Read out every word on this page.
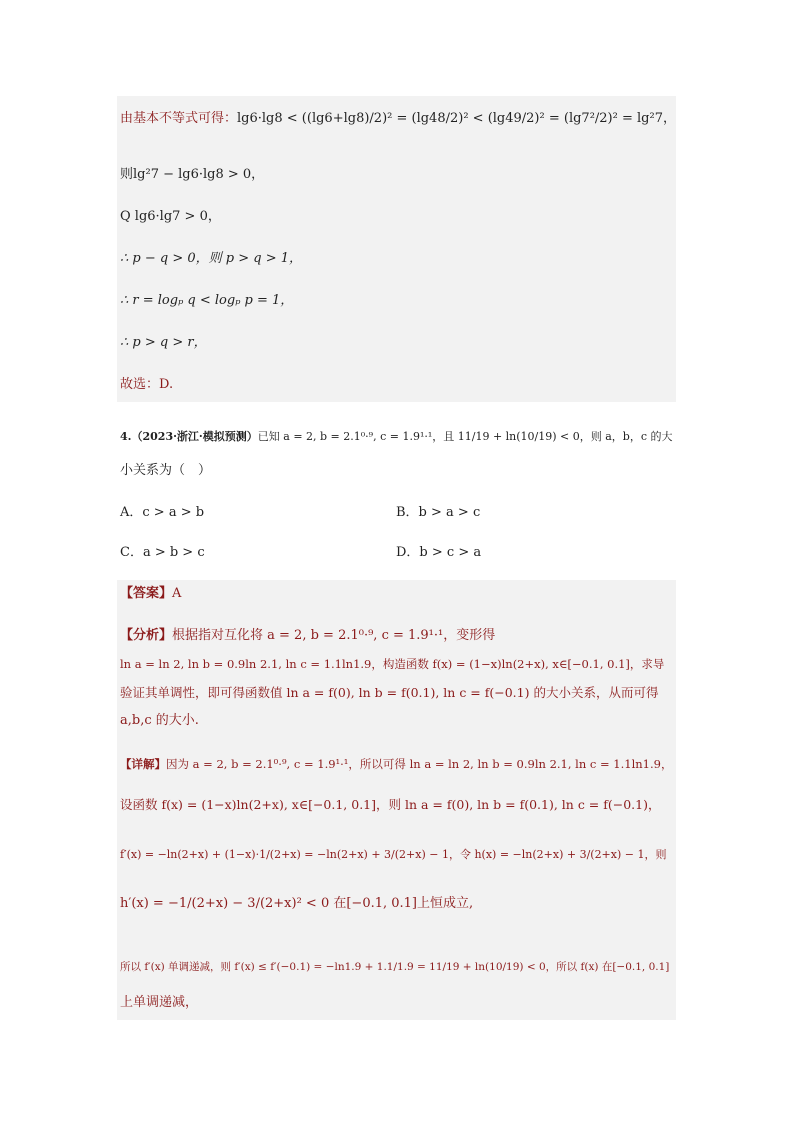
由基本不等式可得：lg6·lg8 < ((lg6+lg8)/2)² = (lg48/2)² < (lg49/2)² = (lg7²/2)² = lg²7，
则lg²7 − lg6·lg8 > 0，
Q lg6·lg7 > 0，
∴ p − q > 0，则 p > q > 1，
∴ r = logₚ q < logₚ p = 1，
∴ p > q > r，
故选：D.
4.（2023·浙江·模拟预测）已知 a = 2, b = 2.1⁰·⁹, c = 1.9¹·¹，且 11/19 + ln(10/19) < 0，则 a，b，c 的大
小关系为（　）
A．c > a > b	B．b > a > c
C．a > b > c	D．b > c > a
【答案】A
【分析】根据指对互化将 a = 2, b = 2.1⁰·⁹, c = 1.9¹·¹，变形得
ln a = ln 2, ln b = 0.9ln 2.1, ln c = 1.1ln1.9，构造函数 f(x) = (1−x)ln(2+x), x∈[−0.1, 0.1]，求导
验证其单调性，即可得函数值 ln a = f(0), ln b = f(0.1), ln c = f(−0.1) 的大小关系，从而可得
a,b,c 的大小.
【详解】因为 a = 2, b = 2.1⁰·⁹, c = 1.9¹·¹，所以可得 ln a = ln 2, ln b = 0.9ln 2.1, ln c = 1.1ln1.9，
设函数 f(x) = (1−x)ln(2+x), x∈[−0.1, 0.1]，则 ln a = f(0), ln b = f(0.1), ln c = f(−0.1)，
f′(x) = −ln(2+x) + (1−x)·1/(2+x) = −ln(2+x) + 3/(2+x) − 1，令 h(x) = −ln(2+x) + 3/(2+x) − 1，则
h′(x) = −1/(2+x) − 3/(2+x)² < 0 在[−0.1, 0.1]上恒成立,
所以 f′(x) 单调递减，则 f′(x) ≤ f′(−0.1) = −ln1.9 + 1.1/1.9 = 11/19 + ln(10/19) < 0，所以 f(x) 在[−0.1, 0.1]
上单调递减，
